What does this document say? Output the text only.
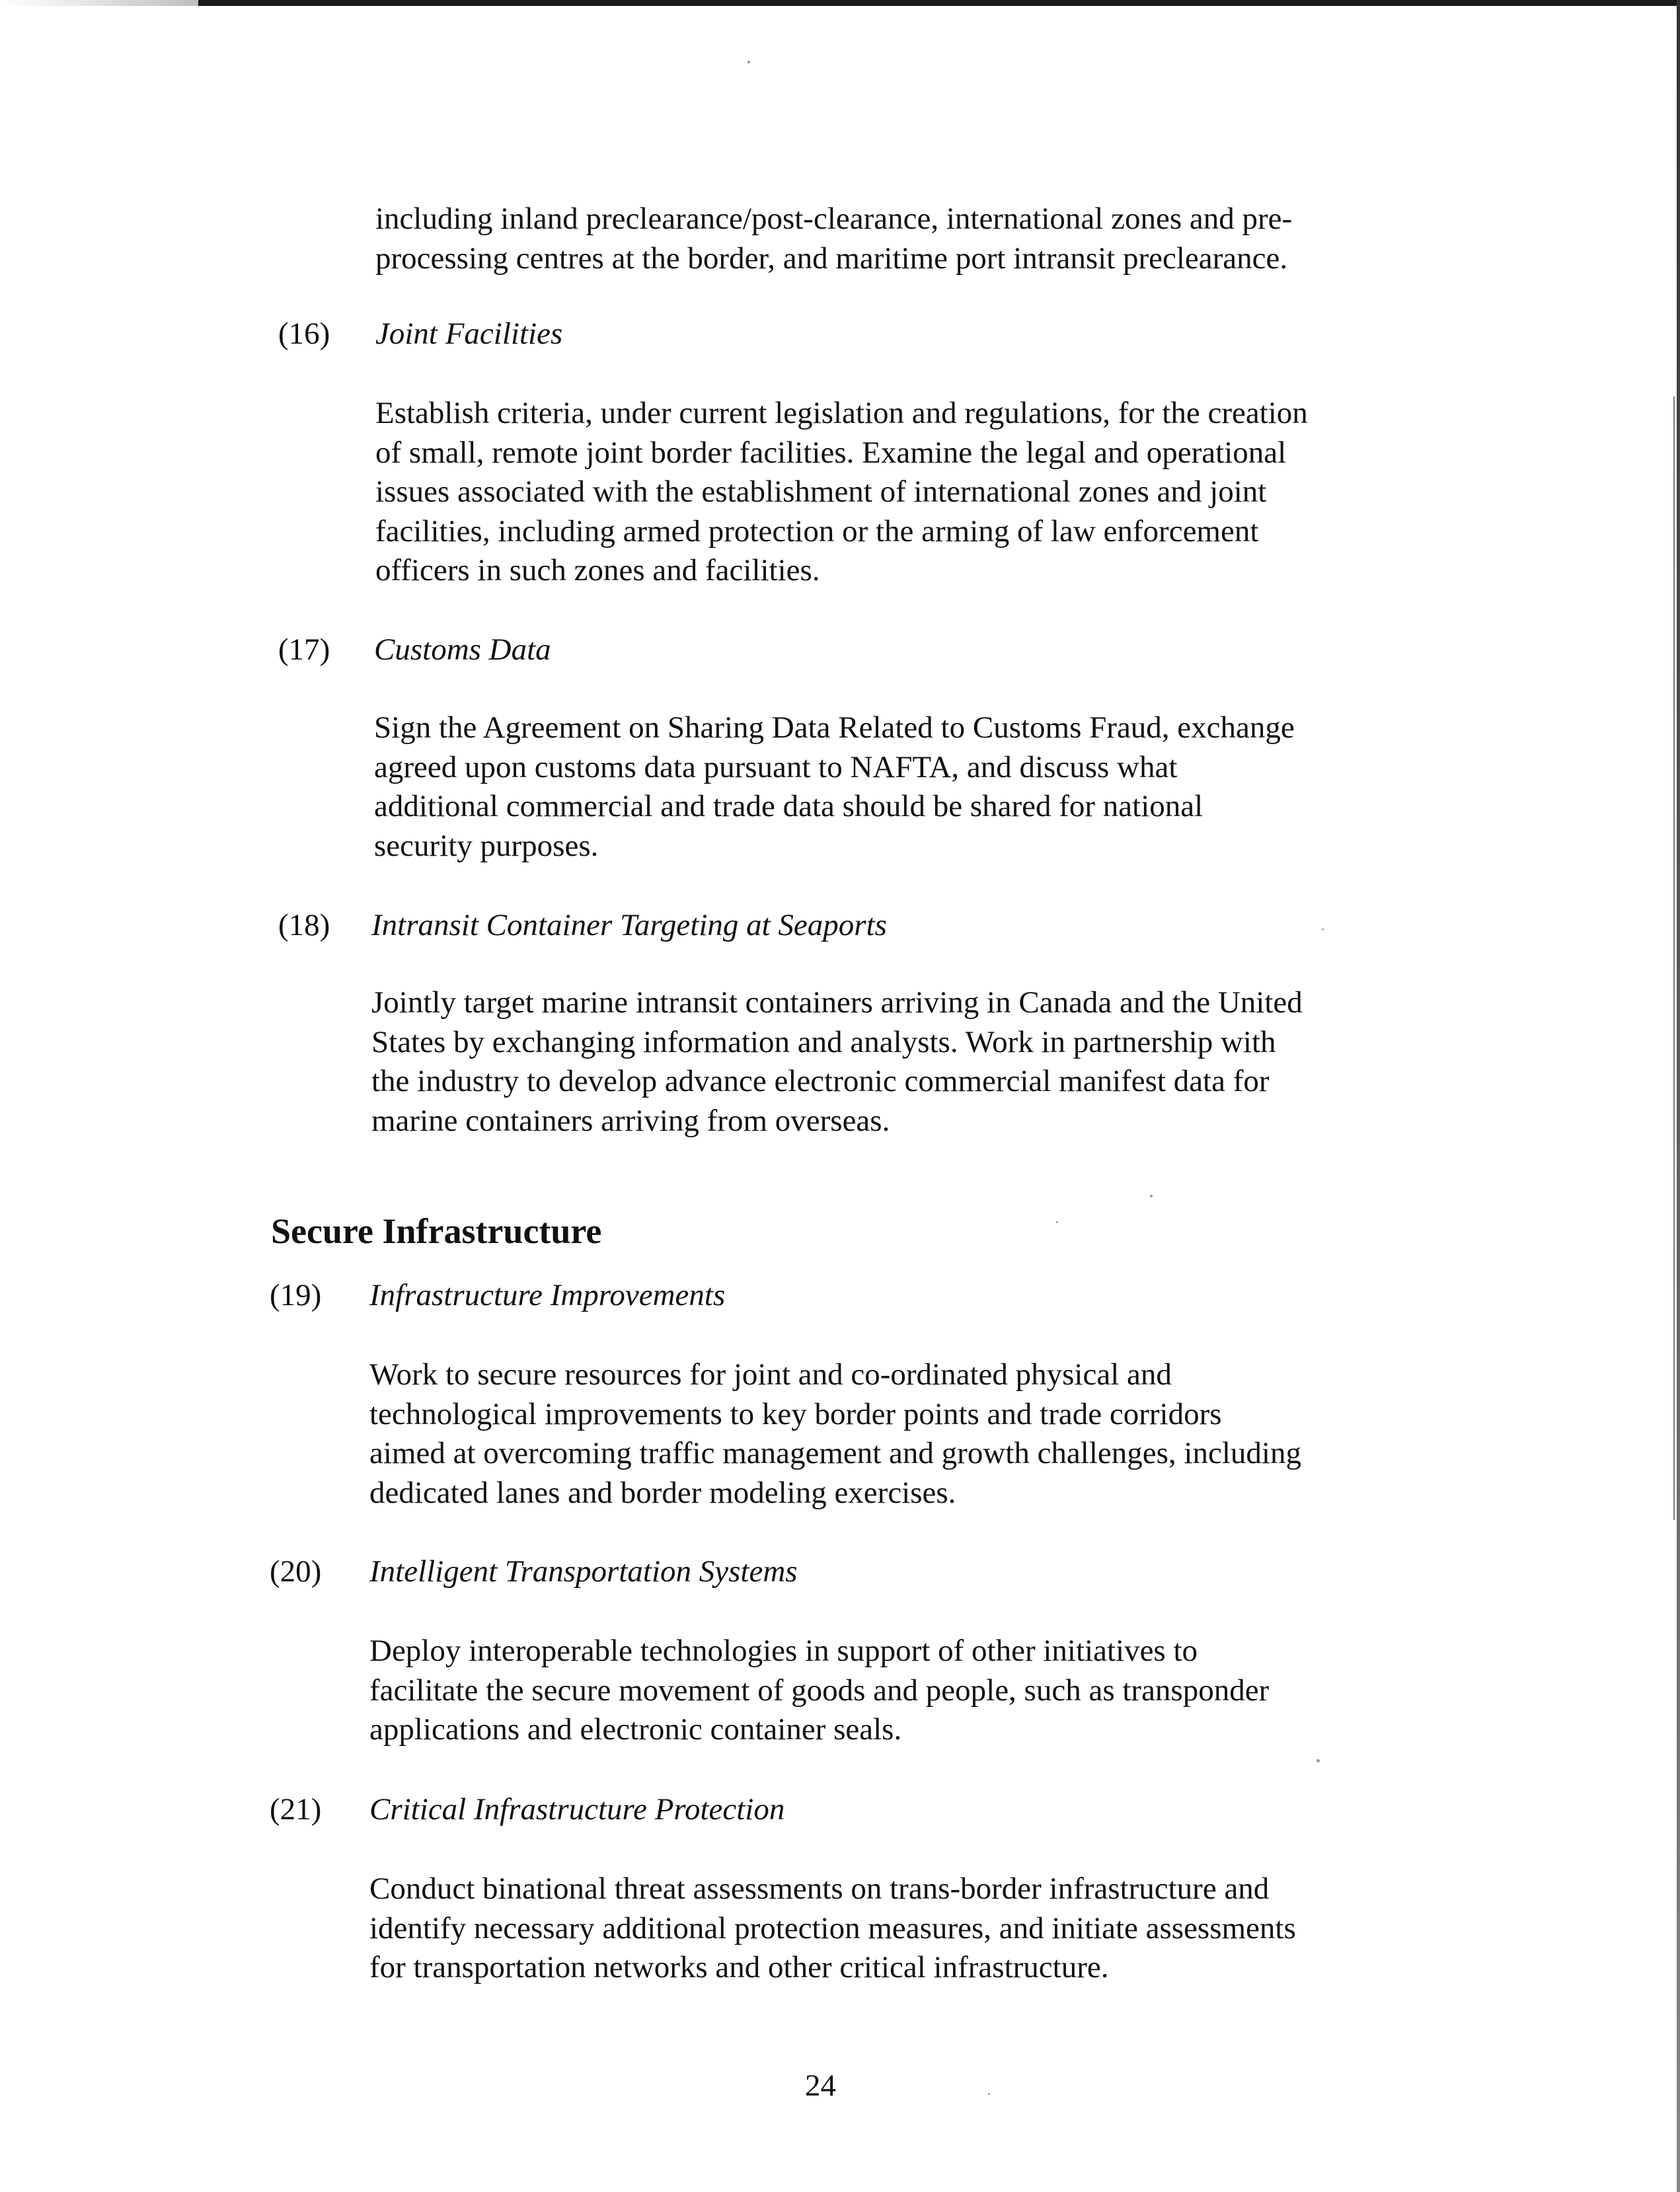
including inland preclearance/post-clearance, international zones and pre-
processing centres at the border, and maritime port intransit preclearance.

(16) Joint Facilities

Establish criteria, under current legislation and regulations, for the creation
of small, remote joint border facilities. Examine the legal and operational
issues associated with the establishment of international zones and joint
facilities, including armed protection or the arming of law enforcement
officers in such zones and facilities.

(17) Customs Data

Sign the Agreement on Sharing Data Related to Customs Fraud, exchange
agreed upon customs data pursuant to NAFTA, and discuss what
additional commercial and trade data should be shared for national
security purposes.

(18) Intransit Container Targeting at Seaports

Jointly target marine intransit containers arriving in Canada and the United
States by exchanging information and analysts. Work in partnership with
the industry to develop advance electronic commercial manifest data for
marine containers arriving from overseas.

Secure Infrastructure

(19) Infrastructure Improvements

Work to secure resources for joint and co-ordinated physical and
technological improvements to key border points and trade corridors
aimed at overcoming traffic management and growth challenges, including
dedicated lanes and border modeling exercises.

(20) Intelligent Transportation Systems

Deploy interoperable technologies in support of other initiatives to
facilitate the secure movement of goods and people, such as transponder
applications and electronic container seals.

(21) Critical Infrastructure Protection

Conduct binational threat assessments on trans-border infrastructure and
identify necessary additional protection measures, and initiate assessments
for transportation networks and other critical infrastructure.

24
